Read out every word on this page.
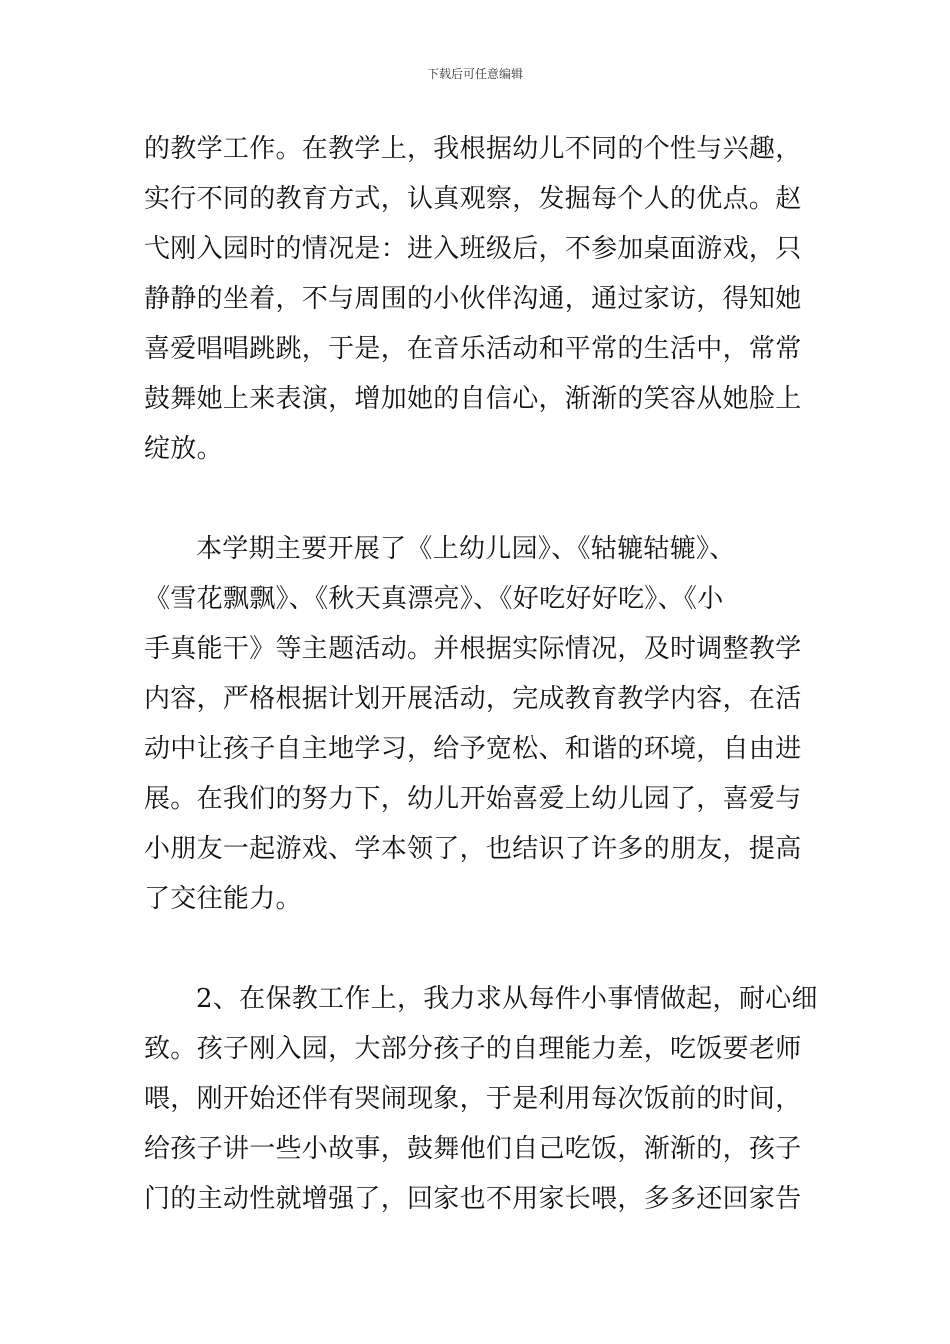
下载后可任意编辑
的教学工作。在教学上，我根据幼儿不同的个性与兴趣，
实行不同的教育方式，认真观察，发掘每个人的优点。赵
弋刚入园时的情况是：进入班级后，不参加桌面游戏，只
静静的坐着，不与周围的小伙伴沟通，通过家访，得知她
喜爱唱唱跳跳，于是，在音乐活动和平常的生活中，常常
鼓舞她上来表演，增加她的自信心，渐渐的笑容从她脸上
绽放。
本学期主要开展了《上幼儿园》、《轱辘轱辘》、
《雪花飘飘》、《秋天真漂亮》、《好吃好好吃》、《小
手真能干》等主题活动。并根据实际情况，及时调整教学
内容，严格根据计划开展活动，完成教育教学内容，在活
动中让孩子自主地学习，给予宽松、和谐的环境，自由进
展。在我们的努力下，幼儿开始喜爱上幼儿园了，喜爱与
小朋友一起游戏、学本领了，也结识了许多的朋友，提高
了交往能力。
2、在保教工作上，我力求从每件小事情做起，耐心细
致。孩子刚入园，大部分孩子的自理能力差，吃饭要老师
喂，刚开始还伴有哭闹现象，于是利用每次饭前的时间，
给孩子讲一些小故事，鼓舞他们自己吃饭，渐渐的，孩子
门的主动性就增强了，回家也不用家长喂，多多还回家告
